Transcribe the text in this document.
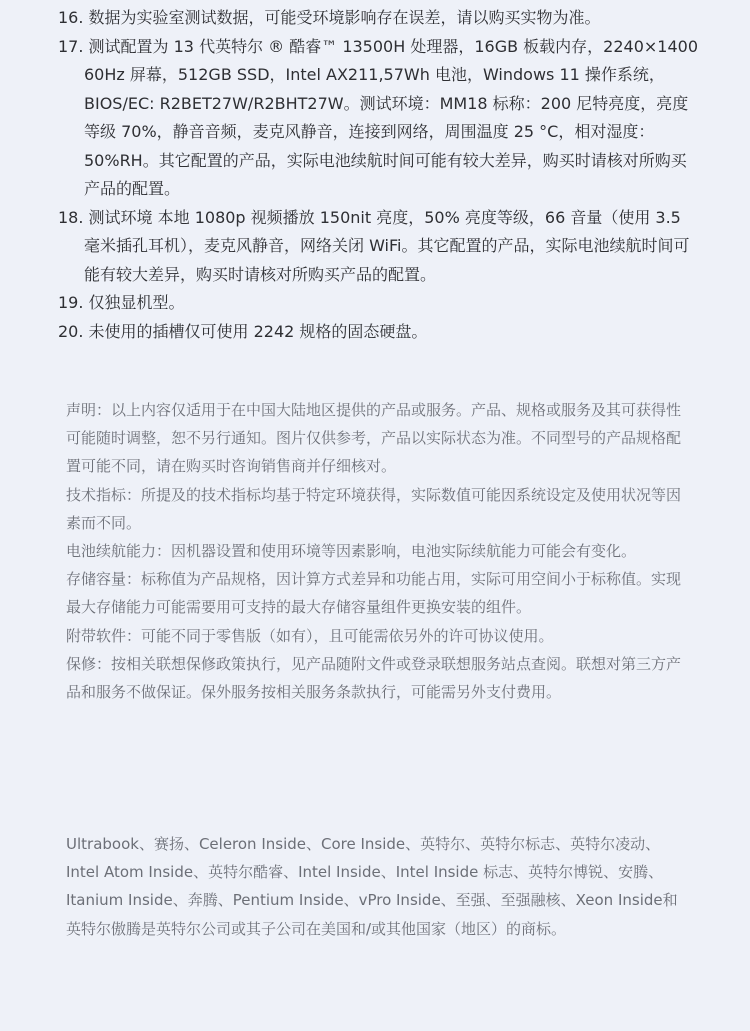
16. 数据为实验室测试数据，可能受环境影响存在误差，请以购买实物为准。
17. 测试配置为 13 代英特尔 ® 酷睿™ 13500H 处理器，16GB 板载内存，2240×1400 60Hz 屏幕，512GB SSD，Intel AX211,57Wh 电池，Windows 11 操作系统，BIOS/EC: R2BET27W/R2BHT27W。测试环境：MM18 标称：200 尼特亮度，亮度等级 70%，静音音频，麦克风静音，连接到网络，周围温度 25 °C，相对湿度：50%RH。其它配置的产品，实际电池续航时间可能有较大差异，购买时请核对所购买产品的配置。
18. 测试环境 本地 1080p 视频播放 150nit 亮度，50% 亮度等级，66 音量（使用 3.5 毫米插孔耳机），麦克风静音，网络关闭 WiFi。其它配置的产品，实际电池续航时间可能有较大差异，购买时请核对所购买产品的配置。
19. 仅独显机型。
20. 未使用的插槽仅可使用 2242 规格的固态硬盘。

声明：以上内容仅适用于在中国大陆地区提供的产品或服务。产品、规格或服务及其可获得性可能随时调整，恕不另行通知。图片仅供参考，产品以实际状态为准。不同型号的产品规格配置可能不同，请在购买时咨询销售商并仔细核对。

技术指标：所提及的技术指标均基于特定环境获得，实际数值可能因系统设定及使用状况等因素而不同。

电池续航能力：因机器设置和使用环境等因素影响，电池实际续航能力可能会有变化。

存储容量：标称值为产品规格，因计算方式差异和功能占用，实际可用空间小于标称值。实现最大存储能力可能需要用可支持的最大存储容量组件更换安装的组件。

附带软件：可能不同于零售版（如有），且可能需依另外的许可协议使用。

保修：按相关联想保修政策执行，见产品随附文件或登录联想服务站点查阅。联想对第三方产品和服务不做保证。保外服务按相关服务条款执行，可能需另外支付费用。

Ultrabook、赛扬、Celeron Inside、Core Inside、英特尔、英特尔标志、英特尔凌动、Intel Atom Inside、英特尔酷睿、Intel Inside、Intel Inside 标志、英特尔博锐、安腾、Itanium Inside、奔腾、Pentium Inside、vPro Inside、至强、至强融核、Xeon Inside和英特尔傲腾是英特尔公司或其子公司在美国和/或其他国家（地区）的商标。
